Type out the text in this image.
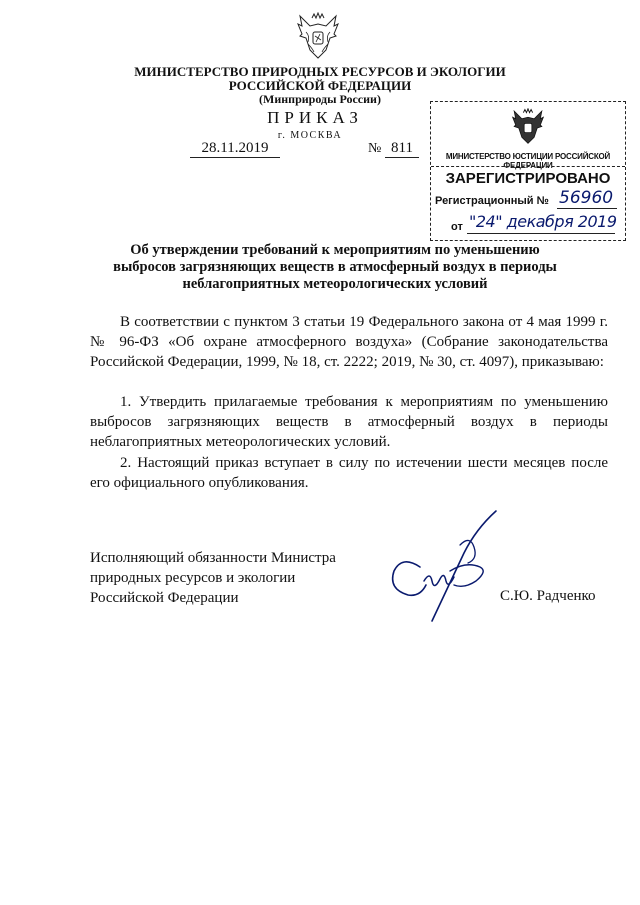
МИНИСТЕРСТВО ПРИРОДНЫХ РЕСУРСОВ И ЭКОЛОГИИ
РОССИЙСКОЙ ФЕДЕРАЦИИ
(Минприроды России)
ПРИКАЗ
г. МОСКВА
28.11.2019	№ 811
МИНИСТЕРСТВО ЮСТИЦИИ РОССИЙСКОЙ ФЕДЕРАЦИИ
ЗАРЕГИСТРИРОВАНО
Регистрационный № 56960
от "24" декабря 2019
Об утверждении требований к мероприятиям по уменьшению
выбросов загрязняющих веществ в атмосферный воздух в периоды
неблагоприятных метеорологических условий
В соответствии с пунктом 3 статьи 19 Федерального закона от 4 мая 1999 г. № 96-ФЗ «Об охране атмосферного воздуха» (Собрание законодательства Российской Федерации, 1999, № 18, ст. 2222; 2019, № 30, ст. 4097), приказываю:
1. Утвердить прилагаемые требования к мероприятиям по уменьшению выбросов загрязняющих веществ в атмосферный воздух в периоды неблагоприятных метеорологических условий.
2. Настоящий приказ вступает в силу по истечении шести месяцев после его официального опубликования.
Исполняющий обязанности Министра
природных ресурсов и экологии
Российской Федерации	С.Ю. Радченко
